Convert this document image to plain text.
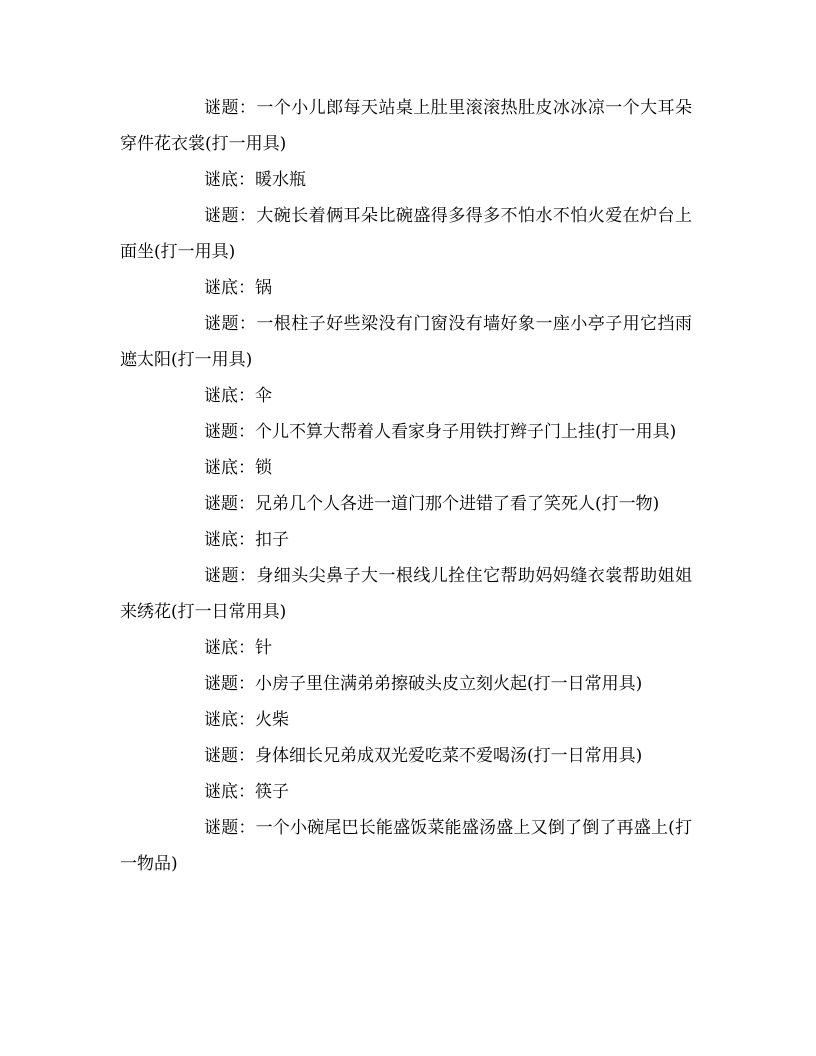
谜题：一个小儿郎每天站桌上肚里滚滚热肚皮冰冰凉一个大耳朵穿件花衣裳(打一用具)

谜底：暖水瓶

谜题：大碗长着俩耳朵比碗盛得多得多不怕水不怕火爱在炉台上面坐(打一用具)

谜底：锅

谜题：一根柱子好些梁没有门窗没有墙好象一座小亭子用它挡雨遮太阳(打一用具)

谜底：伞

谜题：个儿不算大帮着人看家身子用铁打辫子门上挂(打一用具)

谜底：锁

谜题：兄弟几个人各进一道门那个进错了看了笑死人(打一物)

谜底：扣子

谜题：身细头尖鼻子大一根线儿拴住它帮助妈妈缝衣裳帮助姐姐来绣花(打一日常用具)

谜底：针

谜题：小房子里住满弟弟擦破头皮立刻火起(打一日常用具)

谜底：火柴

谜题：身体细长兄弟成双光爱吃菜不爱喝汤(打一日常用具)

谜底：筷子

谜题：一个小碗尾巴长能盛饭菜能盛汤盛上又倒了倒了再盛上(打一物品)
